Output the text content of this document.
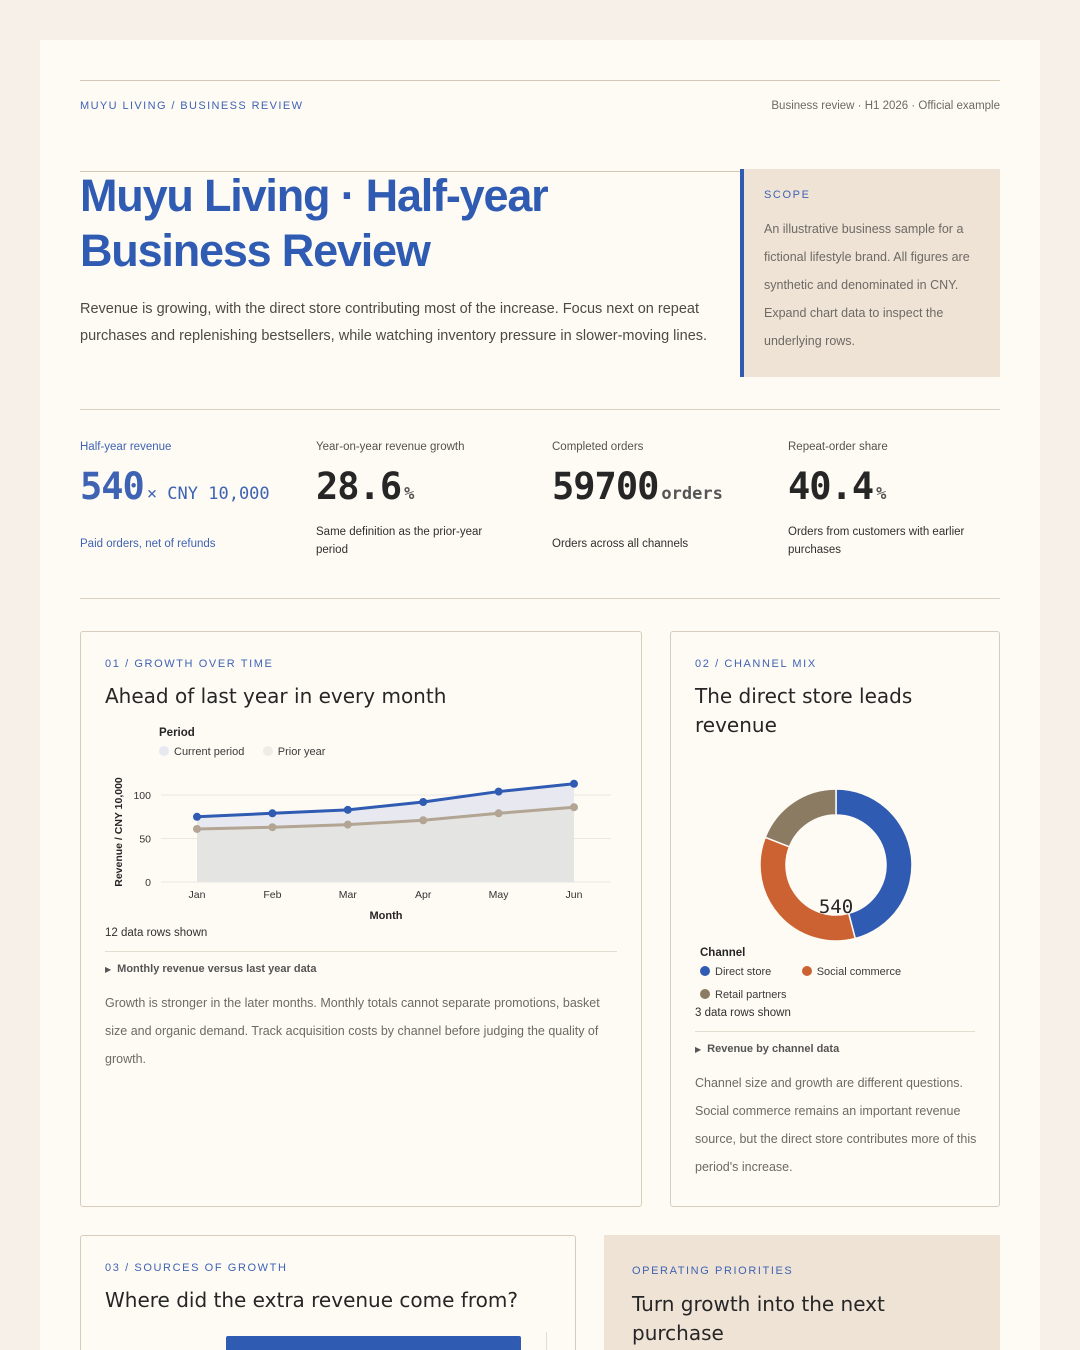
MUYU LIVING / BUSINESS REVIEW	Business review · H1 2026 · Official example
Muyu Living · Half-year Business Review

Revenue is growing, with the direct store contributing most of the increase. Focus next on repeat purchases and replenishing bestsellers, while watching inventory pressure in slower-moving lines.

SCOPE
An illustrative business sample for a fictional lifestyle brand. All figures are synthetic and denominated in CNY. Expand chart data to inspect the underlying rows.
Half-year revenue
540 × CNY 10,000
Paid orders, net of refunds
Year-on-year revenue growth
28.6 %
Same definition as the prior-year period
Completed orders
59700 orders
Orders across all channels
Repeat-order share
40.4 %
Orders from customers with earlier purchases
01 / GROWTH OVER TIME
Ahead of last year in every month
Period
Current period	Prior year
0
50
100
Jan	Feb	Mar	Apr	May	Jun
Month
Revenue / CNY 10,000
12 data rows shown
▶ Monthly revenue versus last year data
Growth is stronger in the later months. Monthly totals cannot separate promotions, basket size and organic demand. Track acquisition costs by channel before judging the quality of growth.
02 / CHANNEL MIX
The direct store leads revenue
540
Channel
Direct store	Social commerce
Retail partners
3 data rows shown
▶ Revenue by channel data
Channel size and growth are different questions. Social commerce remains an important revenue source, but the direct store contributes more of this period's increase.
03 / SOURCES OF GROWTH
Where did the extra revenue come from?
OPERATING PRIORITIES
Turn growth into the next purchase
